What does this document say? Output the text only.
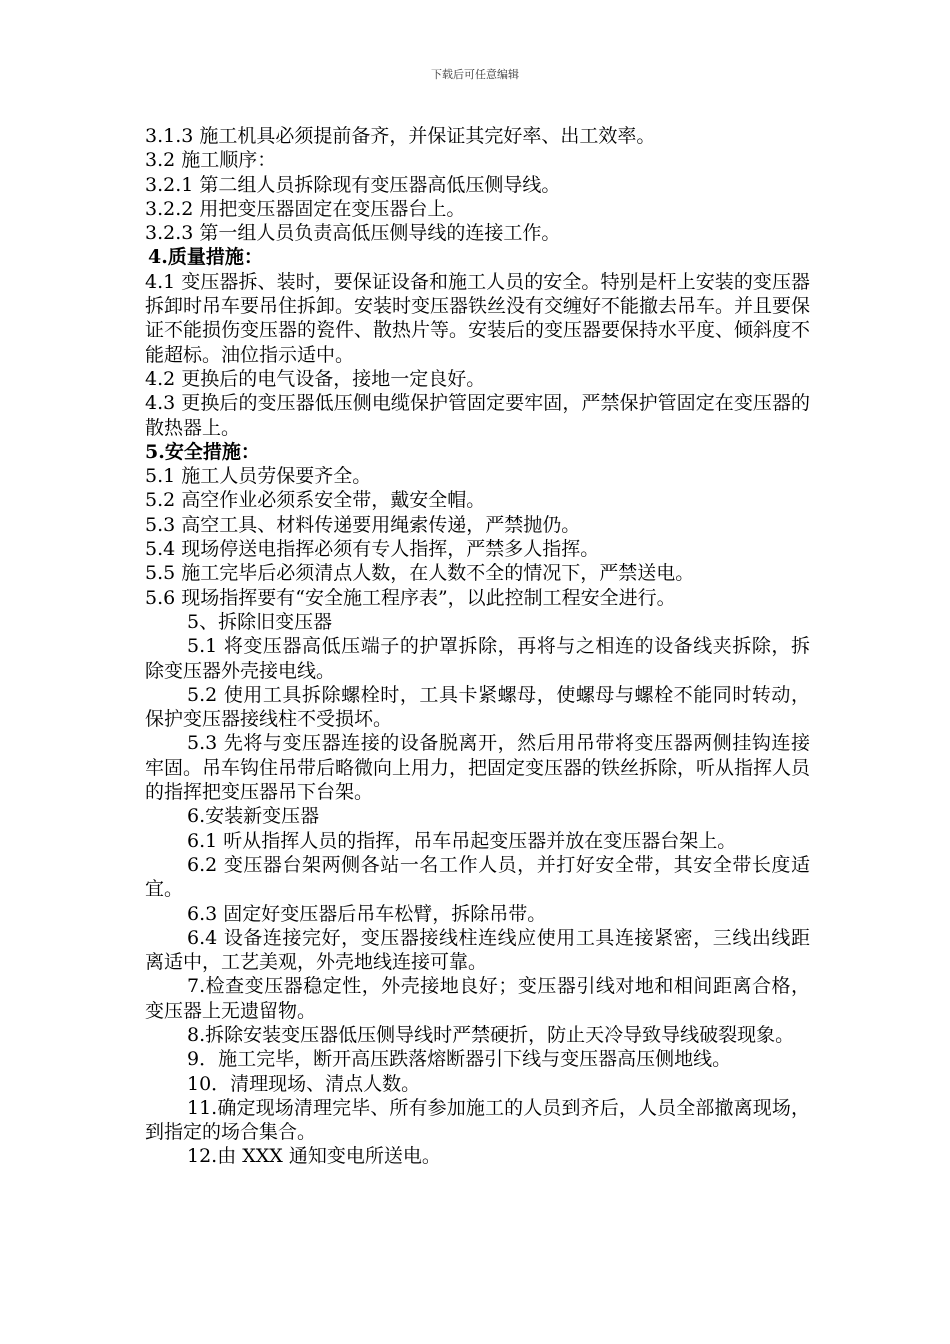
下载后可任意编辑

3.1.3 施工机具必须提前备齐，并保证其完好率、出工效率。

3.2 施工顺序：

3.2.1 第二组人员拆除现有变压器高低压侧导线。

3.2.2 用把变压器固定在变压器台上。

3.2.3 第一组人员负责高低压侧导线的连接工作。

4.质量措施：

4.1 变压器拆、装时，要保证设备和施工人员的安全。特别是杆上安装的变压器拆卸时吊车要吊住拆卸。安装时变压器铁丝没有交缠好不能撤去吊车。并且要保证不能损伤变压器的瓷件、散热片等。安装后的变压器要保持水平度、倾斜度不能超标。油位指示适中。

4.2 更换后的电气设备，接地一定良好。

4.3 更换后的变压器低压侧电缆保护管固定要牢固，严禁保护管固定在变压器的散热器上。

5.安全措施：

5.1 施工人员劳保要齐全。

5.2 高空作业必须系安全带，戴安全帽。

5.3 高空工具、材料传递要用绳索传递，严禁抛仍。

5.4 现场停送电指挥必须有专人指挥，严禁多人指挥。

5.5 施工完毕后必须清点人数，在人数不全的情况下，严禁送电。

5.6 现场指挥要有“安全施工程序表”，以此控制工程安全进行。

5、拆除旧变压器

5.1 将变压器高低压端子的护罩拆除，再将与之相连的设备线夹拆除，拆除变压器外壳接电线。

5.2 使用工具拆除螺栓时，工具卡紧螺母，使螺母与螺栓不能同时转动，保护变压器接线柱不受损坏。

5.3 先将与变压器连接的设备脱离开，然后用吊带将变压器两侧挂钩连接牢固。吊车钩住吊带后略微向上用力，把固定变压器的铁丝拆除，听从指挥人员的指挥把变压器吊下台架。

6.安装新变压器

6.1 听从指挥人员的指挥，吊车吊起变压器并放在变压器台架上。

6.2 变压器台架两侧各站一名工作人员，并打好安全带，其安全带长度适宜。

6.3 固定好变压器后吊车松臂，拆除吊带。

6.4 设备连接完好，变压器接线柱连线应使用工具连接紧密，三线出线距离适中，工艺美观，外壳地线连接可靠。

7.检查变压器稳定性，外壳接地良好；变压器引线对地和相间距离合格，变压器上无遗留物。

8.拆除安装变压器低压侧导线时严禁硬折，防止天冷导致导线破裂现象。

9．施工完毕，断开高压跌落熔断器引下线与变压器高压侧地线。

10．清理现场、清点人数。

11.确定现场清理完毕、所有参加施工的人员到齐后，人员全部撤离现场，到指定的场合集合。

12.由 XXX 通知变电所送电。
